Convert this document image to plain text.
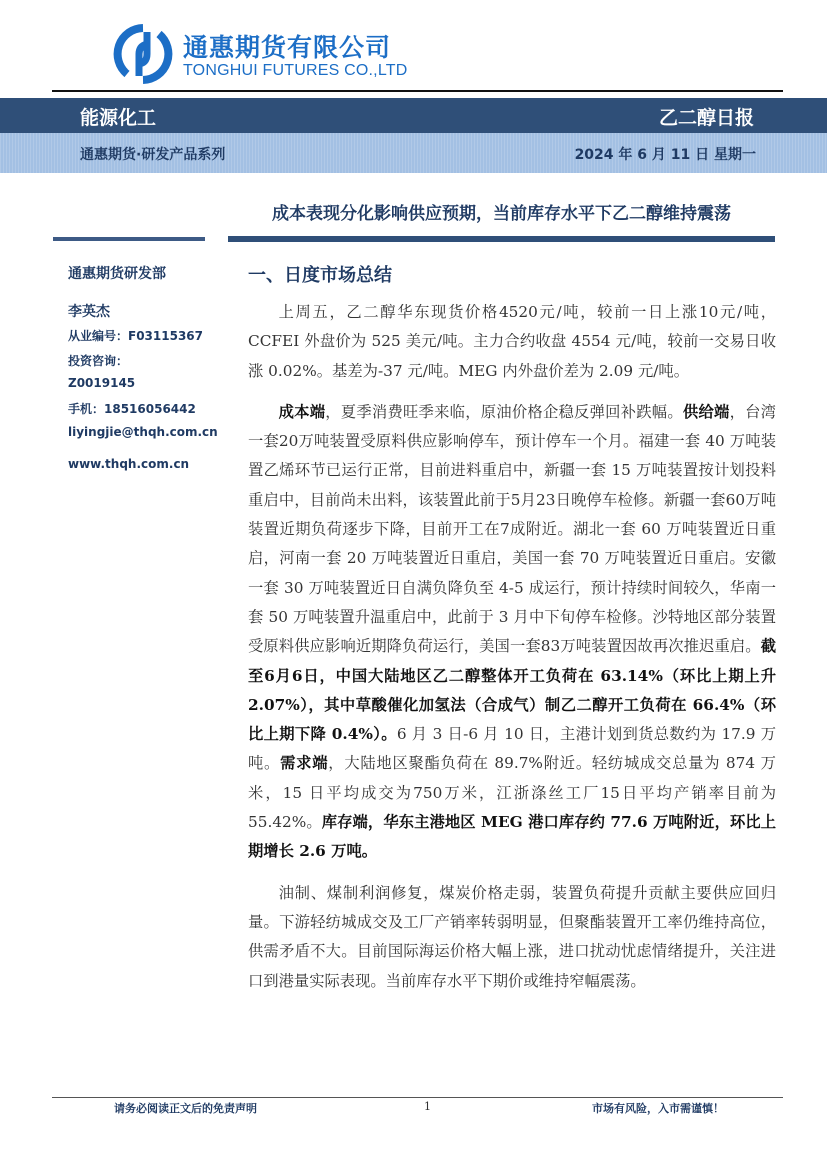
通惠期货有限公司
TONGHUI FUTURES CO.,LTD
能源化工	乙二醇日报
通惠期货·研发产品系列	2024 年 6 月 11 日 星期一
成本表现分化影响供应预期，当前库存水平下乙二醇维持震荡
通惠期货研发部
李英杰
从业编号：F03115367
投资咨询：
Z0019145
手机：18516056442
liyingjie@thqh.com.cn
www.thqh.com.cn
一、日度市场总结

上周五，乙二醇华东现货价格4520元/吨，较前一日上涨10元/吨，CCFEI 外盘价为 525 美元/吨。主力合约收盘 4554 元/吨，较前一交易日收涨 0.02%。基差为-37 元/吨。MEG 内外盘价差为 2.09 元/吨。

成本端，夏季消费旺季来临，原油价格企稳反弹回补跌幅。供给端，台湾一套20万吨装置受原料供应影响停车，预计停车一个月。福建一套 40 万吨装置乙烯环节已运行正常，目前进料重启中，新疆一套 15 万吨装置按计划投料重启中，目前尚未出料，该装置此前于5月23日晚停车检修。新疆一套60万吨装置近期负荷逐步下降，目前开工在7成附近。湖北一套 60 万吨装置近日重启，河南一套 20 万吨装置近日重启，美国一套 70 万吨装置近日重启。安徽一套 30 万吨装置近日自满负降负至 4-5 成运行，预计持续时间较久，华南一套 50 万吨装置升温重启中，此前于 3 月中下旬停车检修。沙特地区部分装置受原料供应影响近期降负荷运行，美国一套83万吨装置因故再次推迟重启。截至6月6日，中国大陆地区乙二醇整体开工负荷在 63.14%（环比上期上升 2.07%），其中草酸催化加氢法（合成气）制乙二醇开工负荷在 66.4%（环比上期下降 0.4%）。6 月 3 日-6 月 10 日，主港计划到货总数约为 17.9 万吨。需求端，大陆地区聚酯负荷在 89.7%附近。轻纺城成交总量为 874 万米，15 日平均成交为750万米，江浙涤丝工厂15日平均产销率目前为55.42%。库存端，华东主港地区 MEG 港口库存约 77.6 万吨附近，环比上期增长 2.6 万吨。

油制、煤制利润修复，煤炭价格走弱，装置负荷提升贡献主要供应回归量。下游轻纺城成交及工厂产销率转弱明显，但聚酯装置开工率仍维持高位，供需矛盾不大。目前国际海运价格大幅上涨，进口扰动忧虑情绪提升，关注进口到港量实际表现。当前库存水平下期价或维持窄幅震荡。

请务必阅读正文后的免责声明	1	市场有风险，入市需谨慎！
